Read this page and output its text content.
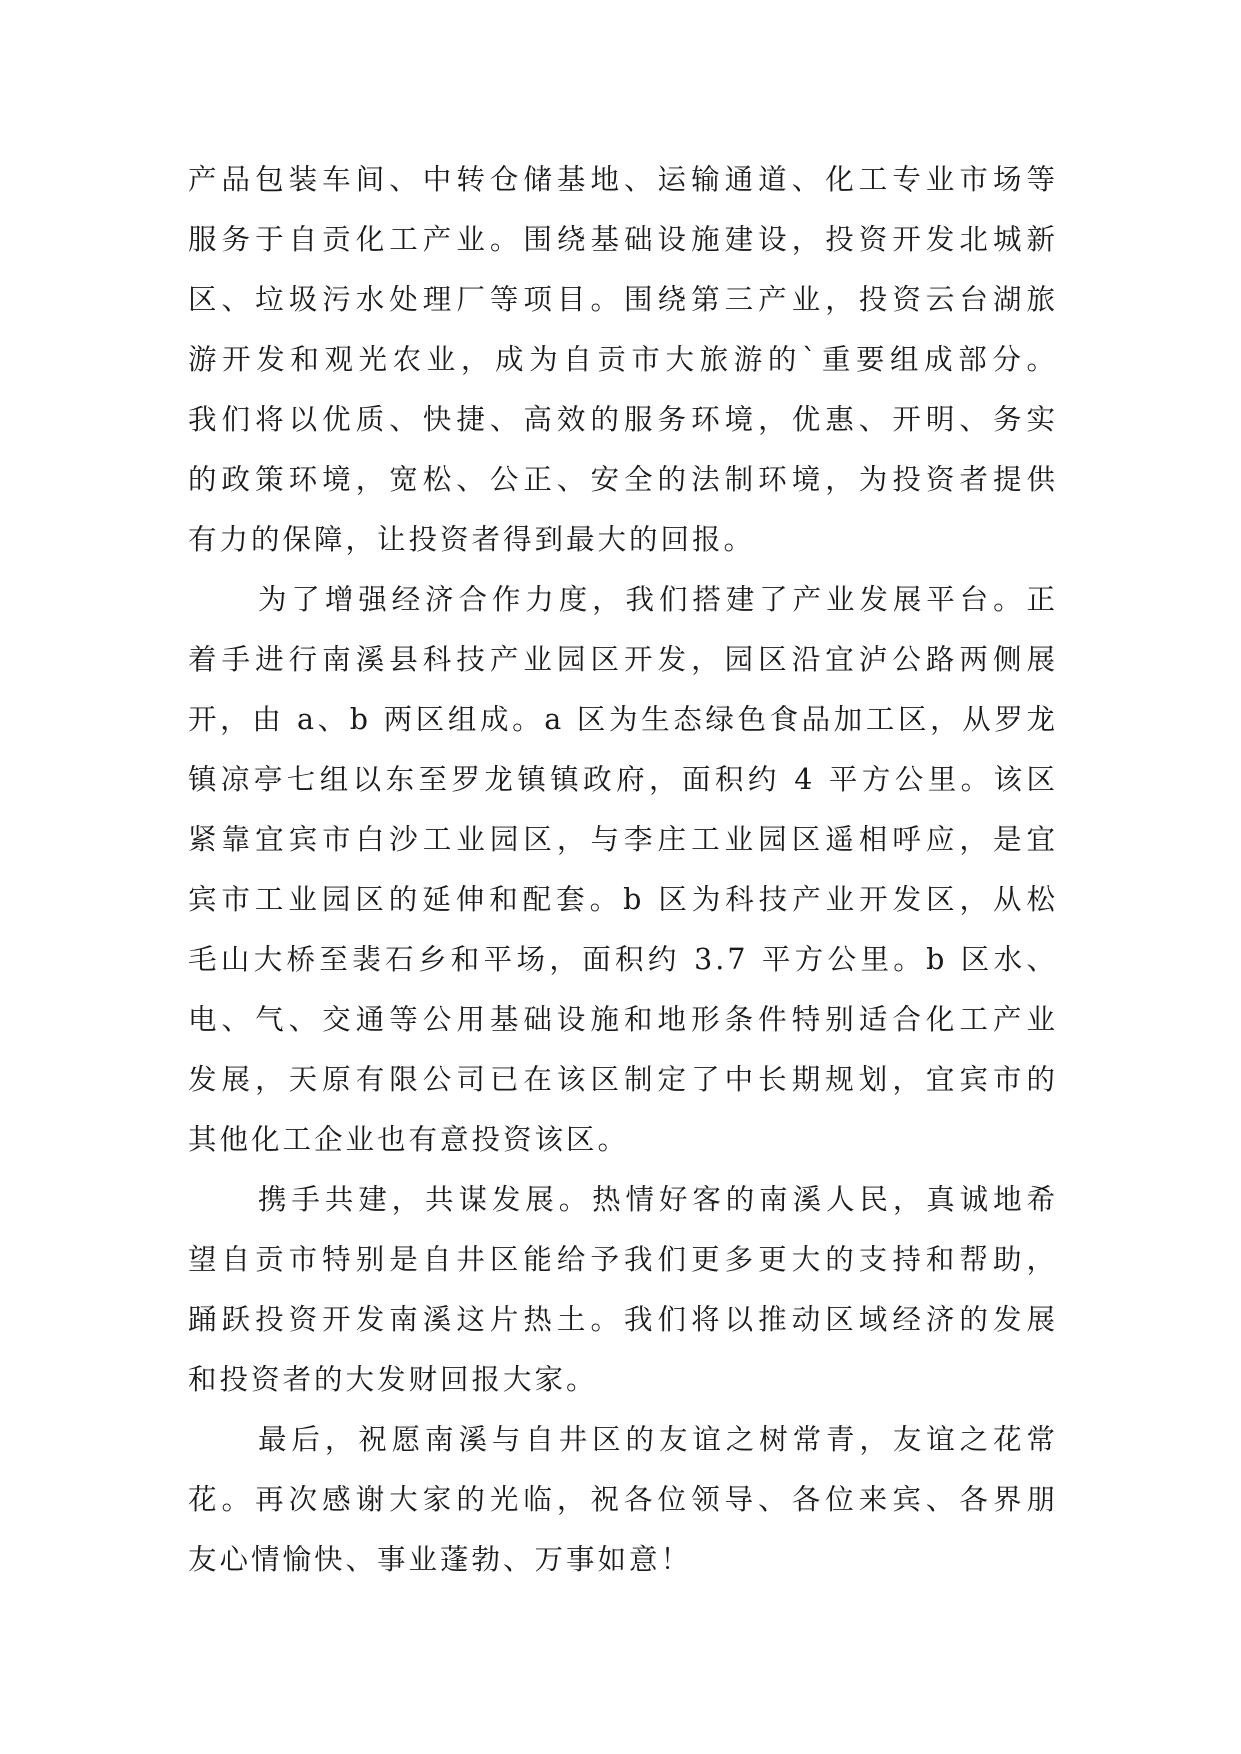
产品包装车间、中转仓储基地、运输通道、化工专业市场等
服务于自贡化工产业。围绕基础设施建设，投资开发北城新
区、垃圾污水处理厂等项目。围绕第三产业，投资云台湖旅
游开发和观光农业，成为自贡市大旅游的`重要组成部分。
我们将以优质、快捷、高效的服务环境，优惠、开明、务实
的政策环境，宽松、公正、安全的法制环境，为投资者提供
有力的保障，让投资者得到最大的回报。
为了增强经济合作力度，我们搭建了产业发展平台。正
着手进行南溪县科技产业园区开发，园区沿宜泸公路两侧展
开，由 a、b 两区组成。a 区为生态绿色食品加工区，从罗龙
镇凉亭七组以东至罗龙镇镇政府，面积约 4 平方公里。该区
紧靠宜宾市白沙工业园区，与李庄工业园区遥相呼应，是宜
宾市工业园区的延伸和配套。b 区为科技产业开发区，从松
毛山大桥至裴石乡和平场，面积约 3.7 平方公里。b 区水、
电、气、交通等公用基础设施和地形条件特别适合化工产业
发展，天原有限公司已在该区制定了中长期规划，宜宾市的
其他化工企业也有意投资该区。
携手共建，共谋发展。热情好客的南溪人民，真诚地希
望自贡市特别是自井区能给予我们更多更大的支持和帮助，
踊跃投资开发南溪这片热土。我们将以推动区域经济的发展
和投资者的大发财回报大家。
最后，祝愿南溪与自井区的友谊之树常青，友谊之花常
花。再次感谢大家的光临，祝各位领导、各位来宾、各界朋
友心情愉快、事业蓬勃、万事如意！
